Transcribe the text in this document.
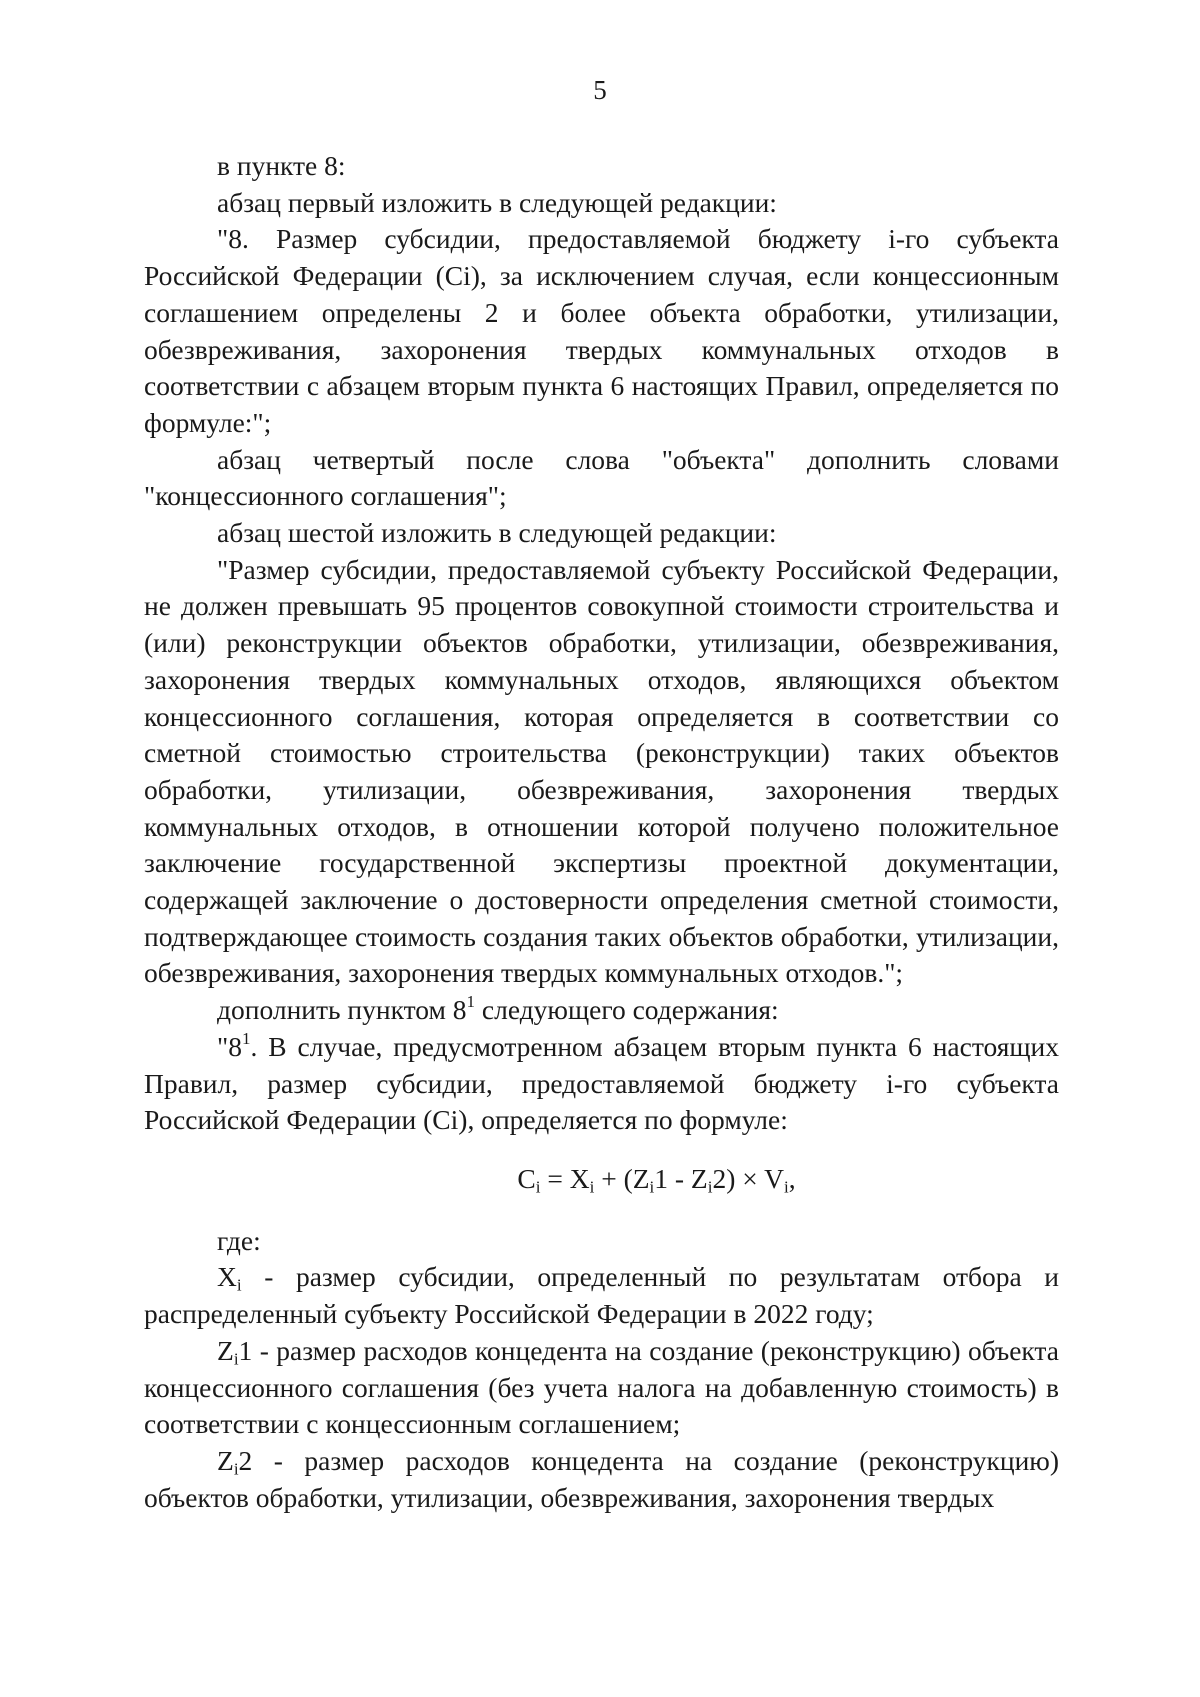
5

в пункте 8:

абзац первый изложить в следующей редакции:

"8. Размер субсидии, предоставляемой бюджету i-го субъекта Российской Федерации (Ci), за исключением случая, если концессионным соглашением определены 2 и более объекта обработки, утилизации, обезвреживания, захоронения твердых коммунальных отходов в соответствии с абзацем вторым пункта 6 настоящих Правил, определяется по формуле:";

абзац четвертый после слова "объекта" дополнить словами "концессионного соглашения";

абзац шестой изложить в следующей редакции:

"Размер субсидии, предоставляемой субъекту Российской Федерации, не должен превышать 95 процентов совокупной стоимости строительства и (или) реконструкции объектов обработки, утилизации, обезвреживания, захоронения твердых коммунальных отходов, являющихся объектом концессионного соглашения, которая определяется в соответствии со сметной стоимостью строительства (реконструкции) таких объектов обработки, утилизации, обезвреживания, захоронения твердых коммунальных отходов, в отношении которой получено положительное заключение государственной экспертизы проектной документации, содержащей заключение о достоверности определения сметной стоимости, подтверждающее стоимость создания таких объектов обработки, утилизации, обезвреживания, захоронения твердых коммунальных отходов.";

дополнить пунктом $8^1$ следующего содержания:

"$8^1$. В случае, предусмотренном абзацем вторым пункта 6 настоящих Правил, размер субсидии, предоставляемой бюджету i-го субъекта Российской Федерации (Ci), определяется по формуле:

$C_i = X_i + (Z_i1 - Z_i2) \times V_i$,

где:

$X_i$ - размер субсидии, определенный по результатам отбора и распределенный субъекту Российской Федерации в 2022 году;

$Z_i1$ - размер расходов концедента на создание (реконструкцию) объекта концессионного соглашения (без учета налога на добавленную стоимость) в соответствии с концессионным соглашением;

$Z_i2$ - размер расходов концедента на создание (реконструкцию) объектов обработки, утилизации, обезвреживания, захоронения твердых
